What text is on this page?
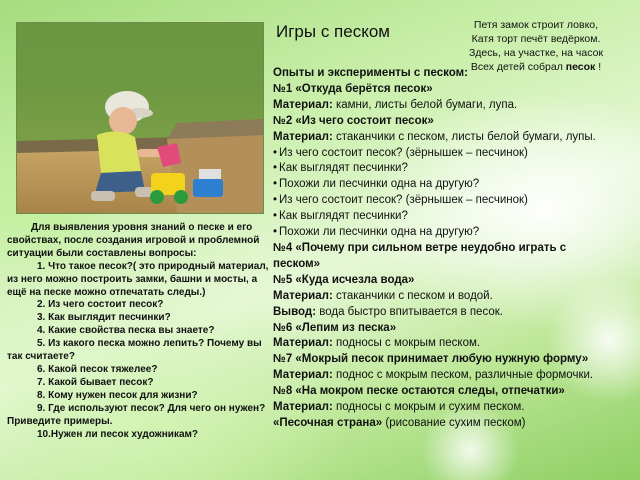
Игры с песком	Петя замок строит ловко,
Катя торт печёт ведёрком.
Здесь, на участке, на часок
Всех детей собрал песок !
Опыты и эксперименты с песком:
№1 «Откуда берётся песок»
Материал: камни, листы белой бумаги, лупа.
№2 «Из чего состоит песок»
Материал: стаканчики с песком, листы белой бумаги, лупы.
• Из чего состоит песок? (зёрнышек – песчинок)
• Как выглядят песчинки?
• Похожи ли песчинки одна на другую?
• Из чего состоит песок? (зёрнышек – песчинок)
• Как выглядят песчинки?
• Похожи ли песчинки одна на другую?
№4 «Почему при сильном ветре неудобно играть с
песком»
№5 «Куда исчезла вода»
Материал: стаканчики с песком и водой.
Вывод: вода быстро впитывается в песок.
№6 «Лепим из песка»
Материал: подносы с мокрым песком.
№7 «Мокрый песок принимает любую нужную форму»
Материал: поднос с мокрым песком, различные формочки.
№8 «На мокром песке остаются следы, отпечатки»
Материал: подносы с мокрым и сухим песком.
«Песочная страна» (рисование сухим песком)
Для выявления уровня знаний о песке и его свойствах, после создания игровой и проблемной ситуации были составлены вопросы:
1. Что такое песок?( это природный материал, из него можно построить замки, башни и мосты, а ещё на песке можно отпечатать следы.)
2. Из чего состоит песок?
3. Как выглядит песчинки?
4. Какие свойства песка вы знаете?
5. Из какого песка можно лепить? Почему вы так считаете?
6. Какой песок тяжелее?
7. Какой бывает песок?
8. Кому нужен песок для жизни?
9. Где используют песок? Для чего он нужен? Приведите примеры.
10.Нужен ли песок художникам?
